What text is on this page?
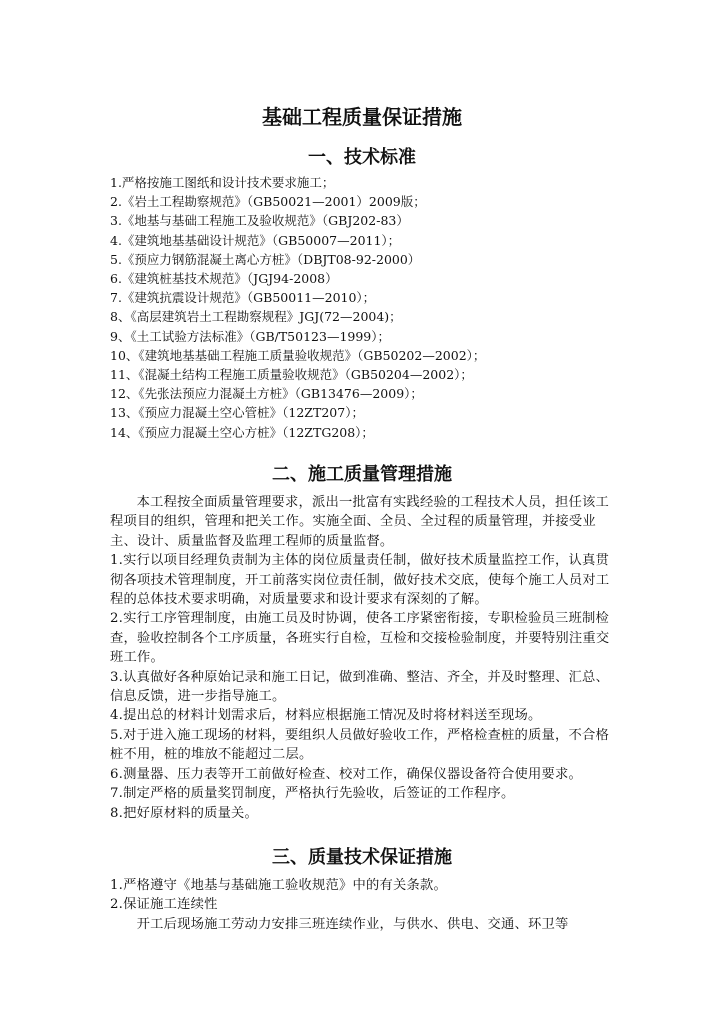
基础工程质量保证措施
一、技术标准
1.严格按施工图纸和设计技术要求施工；
2.《岩土工程勘察规范》（GB50021—2001）2009版；
3.《地基与基础工程施工及验收规范》（GBJ202-83）
4.《建筑地基基础设计规范》（GB50007—2011）；
5.《预应力钢筋混凝土离心方桩》（DBJT08-92-2000）
6.《建筑桩基技术规范》（JGJ94-2008）
7.《建筑抗震设计规范》（GB50011—2010）；
8、《高层建筑岩土工程勘察规程》JGJ(72—2004)；
9、《土工试验方法标准》（GB/T50123—1999）；
10、《建筑地基基础工程施工质量验收规范》（GB50202—2002）；
11、《混凝土结构工程施工质量验收规范》（GB50204—2002）；
12、《先张法预应力混凝土方桩》（GB13476—2009）；
13、《预应力混凝土空心管桩》（12ZT207）；
14、《预应力混凝土空心方桩》（12ZTG208）；
二、施工质量管理措施

本工程按全面质量管理要求，派出一批富有实践经验的工程技术人员，担任该工程项目的组织，管理和把关工作。实施全面、全员、全过程的质量管理，并接受业主、设计、质量监督及监理工程师的质量监督。

1.实行以项目经理负责制为主体的岗位质量责任制，做好技术质量监控工作，认真贯彻各项技术管理制度，开工前落实岗位责任制，做好技术交底，使每个施工人员对工程的总体技术要求明确，对质量要求和设计要求有深刻的了解。

2.实行工序管理制度，由施工员及时协调，使各工序紧密衔接，专职检验员三班制检查，验收控制各个工序质量，各班实行自检，互检和交接检验制度，并要特别注重交班工作。

3.认真做好各种原始记录和施工日记，做到准确、整洁、齐全，并及时整理、汇总、信息反馈，进一步指导施工。

4.提出总的材料计划需求后，材料应根据施工情况及时将材料送至现场。

5.对于进入施工现场的材料，要组织人员做好验收工作，严格检查桩的质量，不合格桩不用，桩的堆放不能超过二层。

6.测量器、压力表等开工前做好检查、校对工作，确保仪器设备符合使用要求。

7.制定严格的质量奖罚制度，严格执行先验收，后签证的工作程序。

8.把好原材料的质量关。

三、质量技术保证措施

1.严格遵守《地基与基础施工验收规范》中的有关条款。

2.保证施工连续性

开工后现场施工劳动力安排三班连续作业，与供水、供电、交通、环卫等
